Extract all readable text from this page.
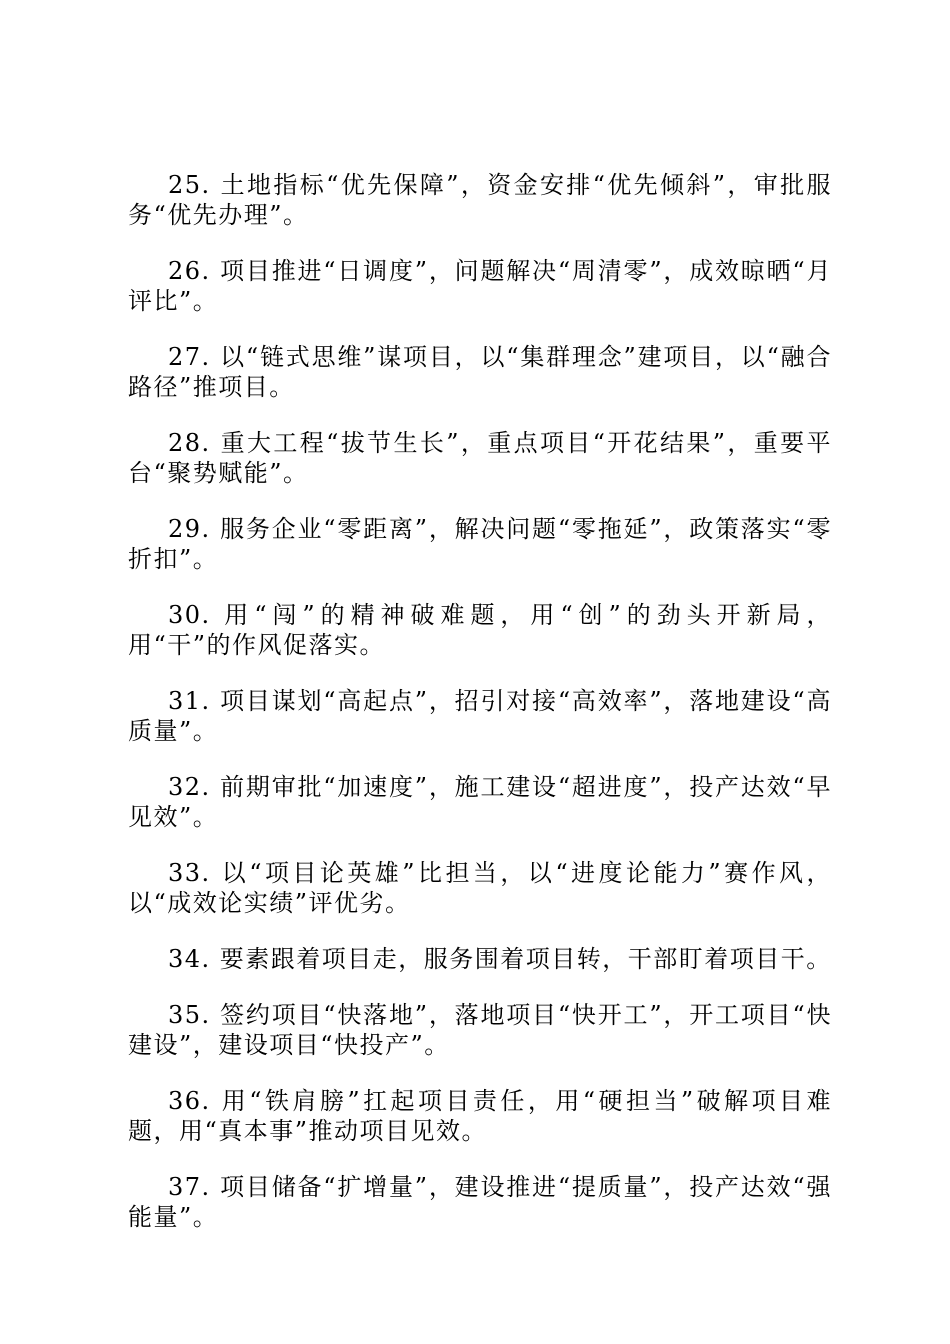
25. 土地指标“优先保障”，资金安排“优先倾斜”，审批服务“优先办理”。

26. 项目推进“日调度”，问题解决“周清零”，成效晾晒“月评比”。

27. 以“链式思维”谋项目，以“集群理念”建项目，以“融合路径”推项目。

28. 重大工程“拔节生长”，重点项目“开花结果”，重要平台“聚势赋能”。

29. 服务企业“零距离”，解决问题“零拖延”，政策落实“零折扣”。

30. 用“闯”的精神破难题，用“创”的劲头开新局，用“干”的作风促落实。

31. 项目谋划“高起点”，招引对接“高效率”，落地建设“高质量”。

32. 前期审批“加速度”，施工建设“超进度”，投产达效“早见效”。

33. 以“项目论英雄”比担当，以“进度论能力”赛作风，以“成效论实绩”评优劣。

34. 要素跟着项目走，服务围着项目转，干部盯着项目干。

35. 签约项目“快落地”，落地项目“快开工”，开工项目“快建设”，建设项目“快投产”。

36. 用“铁肩膀”扛起项目责任，用“硬担当”破解项目难题，用“真本事”推动项目见效。

37. 项目储备“扩增量”，建设推进“提质量”，投产达效“强能量”。
